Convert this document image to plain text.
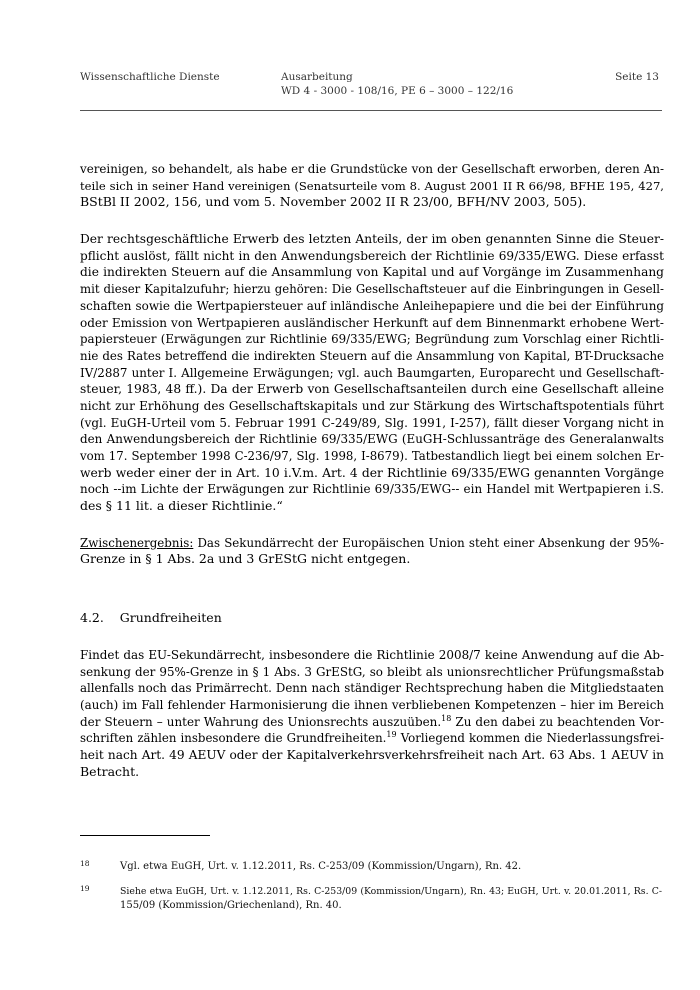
Wissenschaftliche Dienste	Ausarbeitung
WD 4 - 3000 - 108/16, PE 6 – 3000 – 122/16
Seite 13
vereinigen, so behandelt, als habe er die Grundstücke von der Gesellschaft erworben, deren An-
teile sich in seiner Hand vereinigen (Senatsurteile vom 8. August 2001 II R 66/98, BFHE 195, 427,
BStBl II 2002, 156, und vom 5. November 2002 II R 23/00, BFH/NV 2003, 505).
Der rechtsgeschäftliche Erwerb des letzten Anteils, der im oben genannten Sinne die Steuer-
pflicht auslöst, fällt nicht in den Anwendungsbereich der Richtlinie 69/335/EWG. Diese erfasst
die indirekten Steuern auf die Ansammlung von Kapital und auf Vorgänge im Zusammenhang
mit dieser Kapitalzufuhr; hierzu gehören: Die Gesellschaftsteuer auf die Einbringungen in Gesell-
schaften sowie die Wertpapiersteuer auf inländische Anleihepapiere und die bei der Einführung
oder Emission von Wertpapieren ausländischer Herkunft auf dem Binnenmarkt erhobene Wert-
papiersteuer (Erwägungen zur Richtlinie 69/335/EWG; Begründung zum Vorschlag einer Richtli-
nie des Rates betreffend die indirekten Steuern auf die Ansammlung von Kapital, BT-Drucksache
IV/2887 unter I. Allgemeine Erwägungen; vgl. auch Baumgarten, Europarecht und Gesellschaft-
steuer, 1983, 48 ff.). Da der Erwerb von Gesellschaftsanteilen durch eine Gesellschaft alleine
nicht zur Erhöhung des Gesellschaftskapitals und zur Stärkung des Wirtschaftspotentials führt
(vgl. EuGH-Urteil vom 5. Februar 1991 C-249/89, Slg. 1991, I-257), fällt dieser Vorgang nicht in
den Anwendungsbereich der Richtlinie 69/335/EWG (EuGH-Schlussanträge des Generalanwalts
vom 17. September 1998 C-236/97, Slg. 1998, I-8679). Tatbestandlich liegt bei einem solchen Er-
werb weder einer der in Art. 10 i.V.m. Art. 4 der Richtlinie 69/335/EWG genannten Vorgänge
noch --im Lichte der Erwägungen zur Richtlinie 69/335/EWG-- ein Handel mit Wertpapieren i.S.
des § 11 lit. a dieser Richtlinie.“
Zwischenergebnis: Das Sekundärrecht der Europäischen Union steht einer Absenkung der 95%-
Grenze in § 1 Abs. 2a und 3 GrEStG nicht entgegen.
4.2. Grundfreiheiten
Findet das EU-Sekundärrecht, insbesondere die Richtlinie 2008/7 keine Anwendung auf die Ab-
senkung der 95%-Grenze in § 1 Abs. 3 GrEStG, so bleibt als unionsrechtlicher Prüfungsmaßstab
allenfalls noch das Primärrecht. Denn nach ständiger Rechtsprechung haben die Mitgliedstaaten
(auch) im Fall fehlender Harmonisierung die ihnen verbliebenen Kompetenzen – hier im Bereich
der Steuern – unter Wahrung des Unionsrechts auszuüben.$^{18}$ Zu den dabei zu beachtenden Vor-
schriften zählen insbesondere die Grundfreiheiten.$^{19}$ Vorliegend kommen die Niederlassungsfrei-
heit nach Art. 49 AEUV oder der Kapitalverkehrsverkehrsfreiheit nach Art. 63 Abs. 1 AEUV in
Betracht.
18	Vgl. etwa EuGH, Urt. v. 1.12.2011, Rs. C-253/09 (Kommission/Ungarn), Rn. 42.
19	Siehe etwa EuGH, Urt. v. 1.12.2011, Rs. C-253/09 (Kommission/Ungarn), Rn. 43; EuGH, Urt. v. 20.01.2011, Rs. C-
155/09 (Kommission/Griechenland), Rn. 40.
